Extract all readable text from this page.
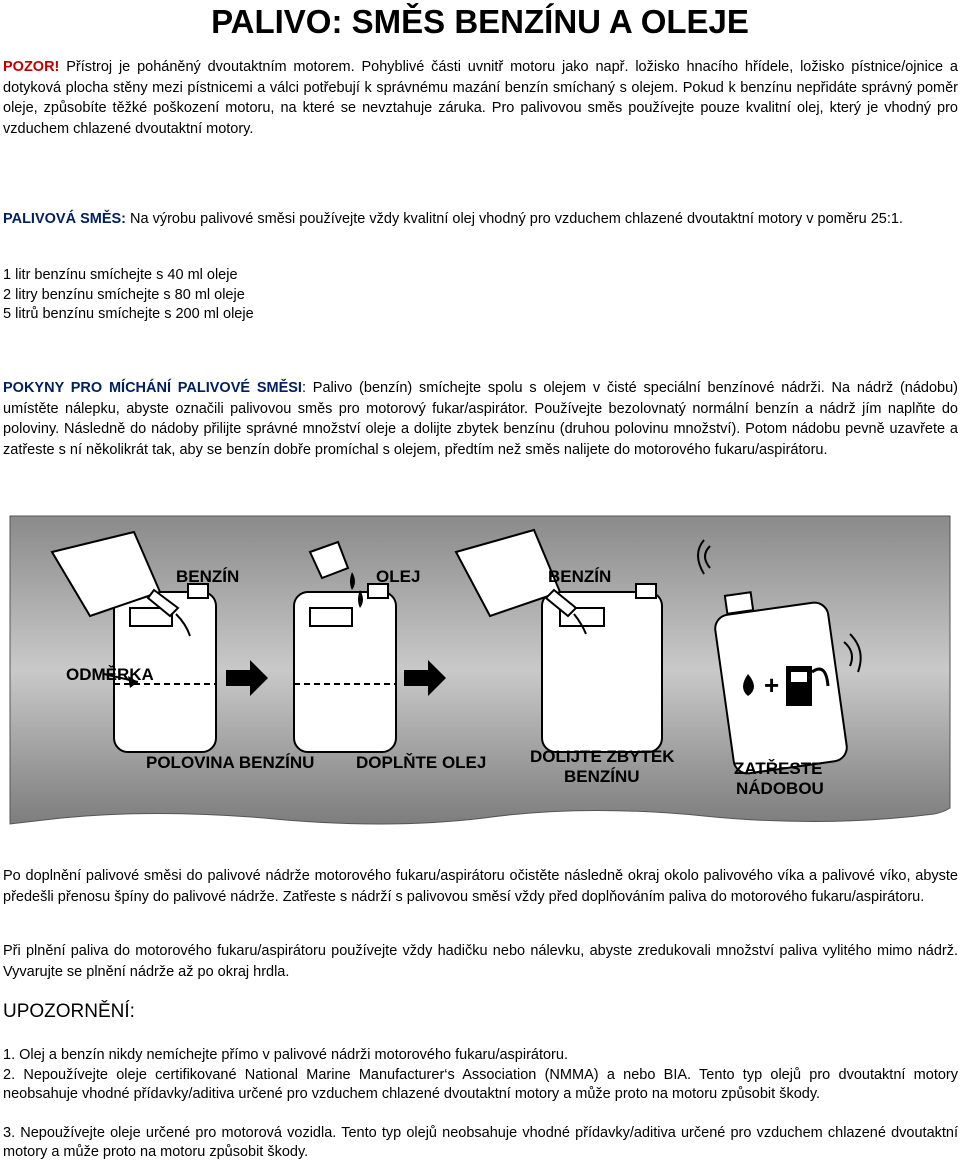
PALIVO: SMĚS BENZÍNU A OLEJE

POZOR! Přístroj je poháněný dvoutaktním motorem. Pohyblivé části uvnitř motoru jako např. ložisko hnacího hřídele, ložisko pístnice/ojnice a dotyková plocha stěny mezi pístnicemi a válci potřebují k správnému mazání benzín smíchaný s olejem. Pokud k benzínu nepřidáte správný poměr oleje, způsobíte těžké poškození motoru, na které se nevztahuje záruka. Pro palivovou směs používejte pouze kvalitní olej, který je vhodný pro vzduchem chlazené dvoutaktní motory.

PALIVOVÁ SMĚS: Na výrobu palivové směsi používejte vždy kvalitní olej vhodný pro vzduchem chlazené dvoutaktní motory v poměru 25:1.

1 litr benzínu smíchejte s 40 ml oleje
2 litry benzínu smíchejte s 80 ml oleje
5 litrů benzínu smíchejte s 200 ml oleje

POKYNY PRO MÍCHÁNÍ PALIVOVÉ SMĚSI: Palivo (benzín) smíchejte spolu s olejem v čisté speciální benzínové nádrži. Na nádrž (nádobu) umístěte nálepku, abyste označili palivovou směs pro motorový fukar/aspirátor. Používejte bezolovnatý normální benzín a nádrž jím naplňte do poloviny. Následně do nádoby přilijte správné množství oleje a dolijte zbytek benzínu (druhou polovinu množství). Potom nádobu pevně uzavřete a zatřeste s ní několikrát tak, aby se benzín dobře promíchal s olejem, předtím než směs nalijete do motorového fukaru/aspirátoru.

BENZÍN
ODMĚRKA
POLOVINA BENZÍNU
OLEJ
DOPLŇTE OLEJ
BENZÍN
DOLIJTE ZBYTEK
BENZÍNU
+
ZATŘESTE
NÁDOBOU

Po doplnění palivové směsi do palivové nádrže motorového fukaru/aspirátoru očistěte následně okraj okolo palivového víka a palivové víko, abyste předešli přenosu špíny do palivové nádrže. Zatřeste s nádrží s palivovou směsí vždy před doplňováním paliva do motorového fukaru/aspirátoru.

Při plnění paliva do motorového fukaru/aspirátoru používejte vždy hadičku nebo nálevku, abyste zredukovali množství paliva vylitého mimo nádrž. Vyvarujte se plnění nádrže až po okraj hrdla.

UPOZORNĚNÍ:
1. Olej a benzín nikdy nemíchejte přímo v palivové nádrži motorového fukaru/aspirátoru.
2. Nepoužívejte oleje certifikované National Marine Manufacturer‘s Association (NMMA) a nebo BIA. Tento typ olejů pro dvoutaktní motory neobsahuje vhodné přídavky/aditiva určené pro vzduchem chlazené dvoutaktní motory a může proto na motoru způsobit škody.
3. Nepoužívejte oleje určené pro motorová vozidla. Tento typ olejů neobsahuje vhodné přídavky/aditiva určené pro vzduchem chlazené dvoutaktní motory a může proto na motoru způsobit škody.
